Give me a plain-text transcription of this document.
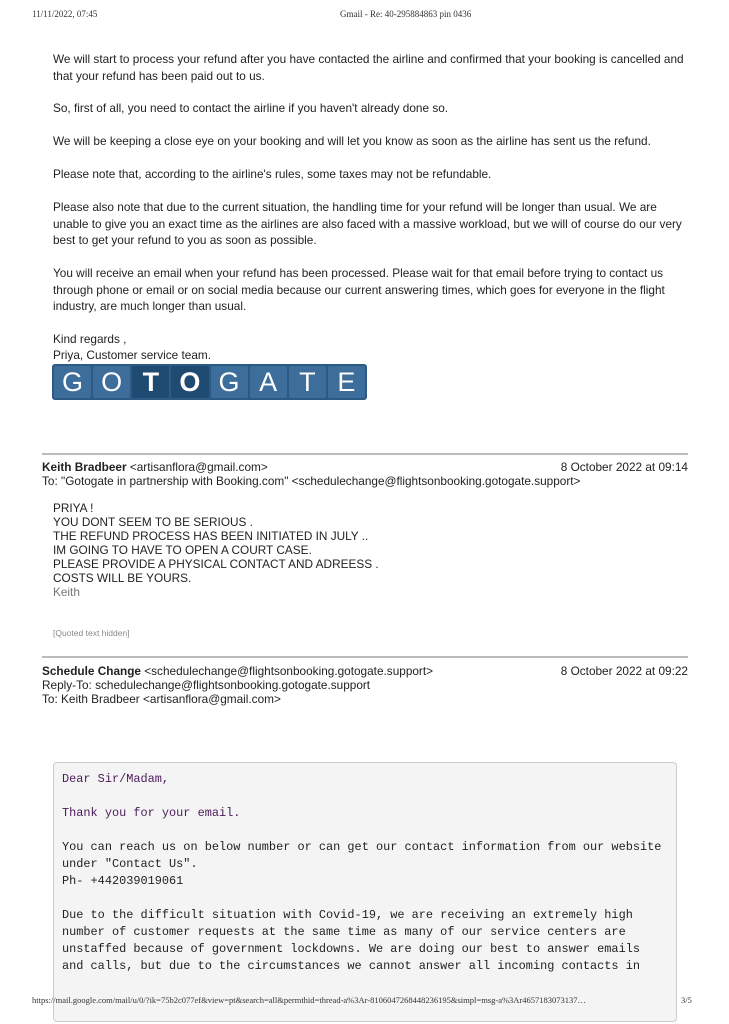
11/11/2022, 07:45	Gmail - Re: 40-295884863 pin 0436

We will start to process your refund after you have contacted the airline and confirmed that your booking is cancelled and that your refund has been paid out to us.

So, first of all, you need to contact the airline if you haven't already done so.

We will be keeping a close eye on your booking and will let you know as soon as the airline has sent us the refund.

Please note that, according to the airline's rules, some taxes may not be refundable.

Please also note that due to the current situation, the handling time for your refund will be longer than usual. We are unable to give you an exact time as the airlines are also faced with a massive workload, but we will of course do our very best to get your refund to you as soon as possible.

You will receive an email when your refund has been processed. Please wait for that email before trying to contact us through phone or email or on social media because our current answering times, which goes for everyone in the flight industry, are much longer than usual.

Kind regards ,

Priya, Customer service team.

G O T O G A T E
Keith Bradbeer <artisanflora@gmail.com>	8 October 2022 at 09:14
To: "Gotogate in partnership with Booking.com" <schedulechange@flightsonbooking.gotogate.support>

PRIYA !

YOU DONT SEEM TO BE SERIOUS .

THE REFUND PROCESS HAS BEEN INITIATED IN JULY ..

IM GOING TO HAVE TO OPEN A COURT CASE.

PLEASE PROVIDE A PHYSICAL CONTACT AND ADREESS .

COSTS WILL BE YOURS.

Keith

[Quoted text hidden]
Schedule Change <schedulechange@flightsonbooking.gotogate.support>	8 October 2022 at 09:22
Reply-To: schedulechange@flightsonbooking.gotogate.support
To: Keith Bradbeer <artisanflora@gmail.com>

Dear Sir/Madam,

Thank you for your email.

You can reach us on below number or can get our contact information from our website

under "Contact Us".

Ph- +442039019061

Due to the difficult situation with Covid-19, we are receiving an extremely high

number of customer requests at the same time as many of our service centers are

unstaffed because of government lockdowns. We are doing our best to answer emails

and calls, but due to the circumstances we cannot answer all incoming contacts in

https://mail.google.com/mail/u/0/?ik=75b2c077ef&view=pt&search=all&permthid=thread-a%3Ar-8106047268448236195&simpl=msg-a%3Ar4657183073137…	3/5
